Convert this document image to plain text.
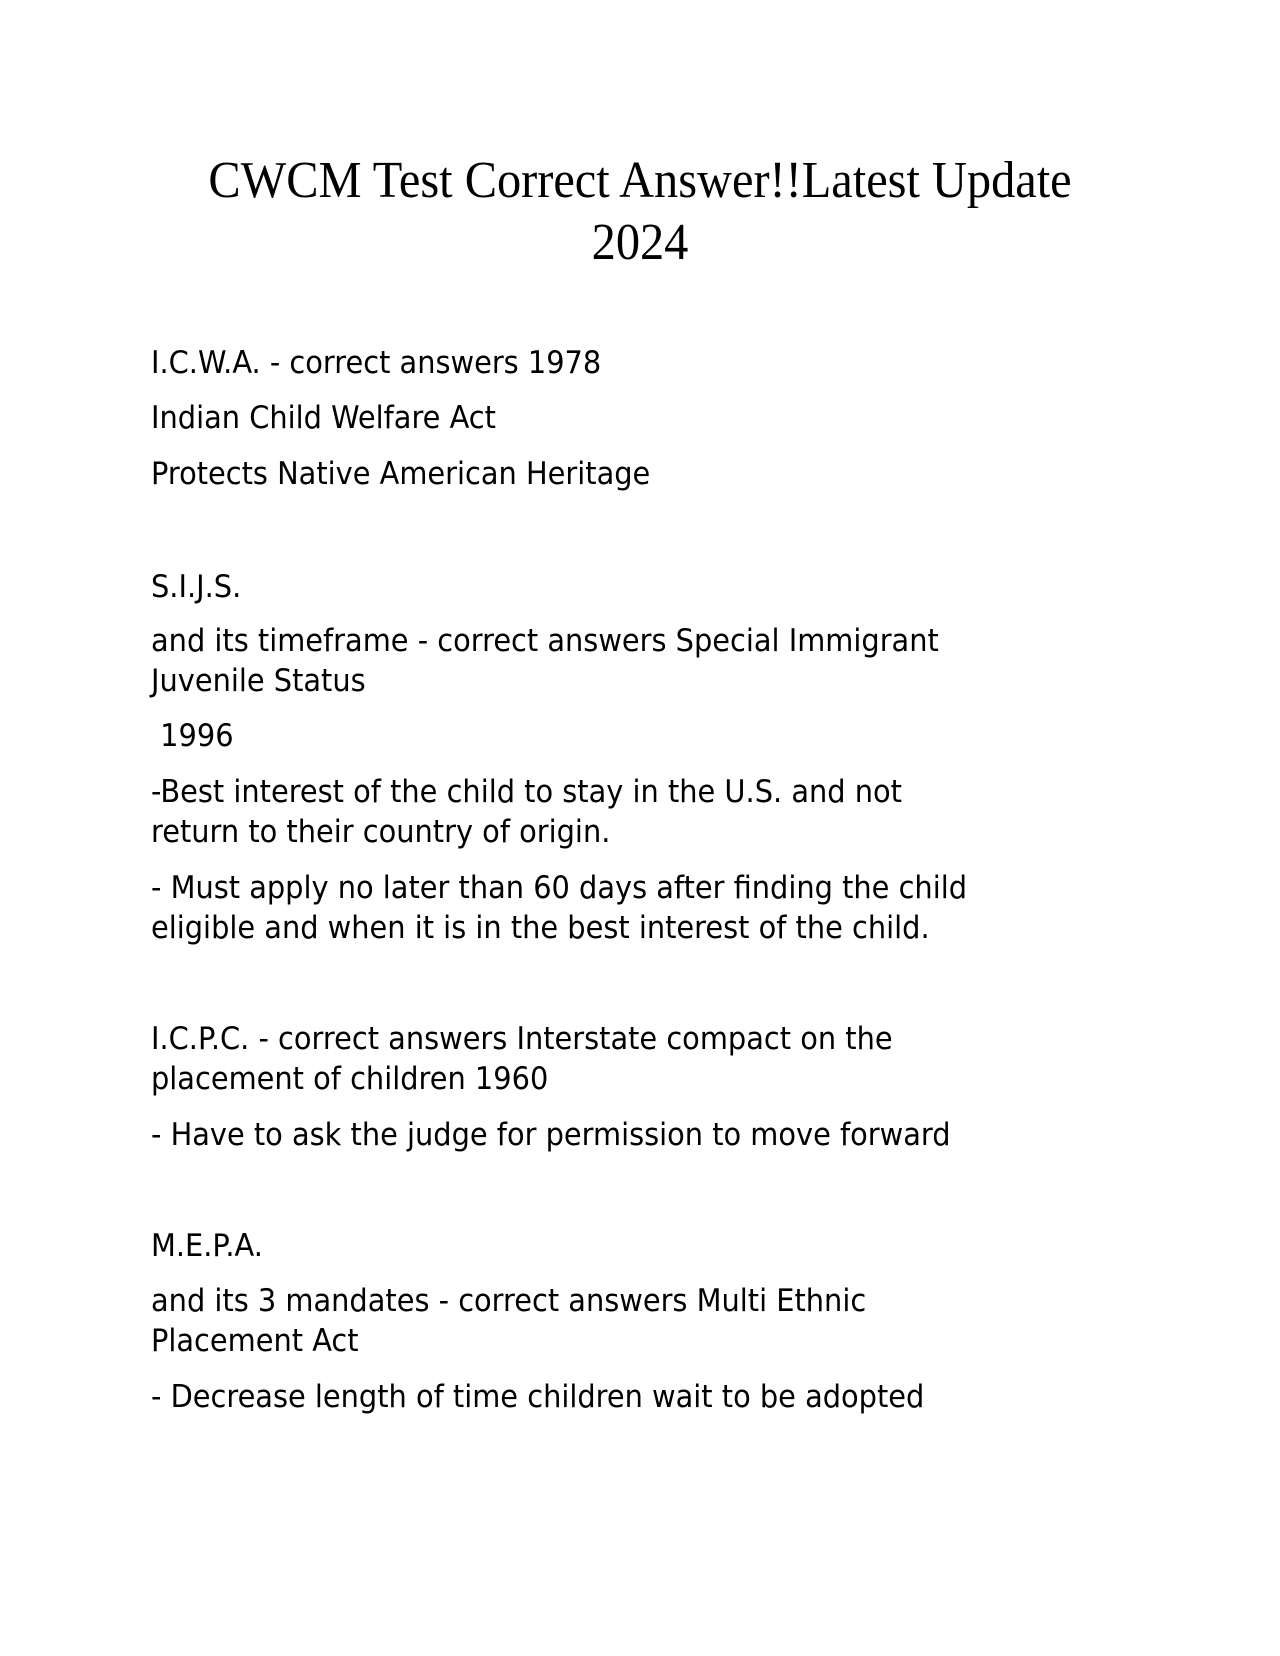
CWCM Test Correct Answer!!Latest Update
2024

I.C.W.A. - correct answers 1978

Indian Child Welfare Act

Protects Native American Heritage

S.I.J.S.

and its timeframe - correct answers Special Immigrant

Juvenile Status

1996

-Best interest of the child to stay in the U.S. and not

return to their country of origin.

- Must apply no later than 60 days after finding the child

eligible and when it is in the best interest of the child.

I.C.P.C. - correct answers Interstate compact on the

placement of children 1960

- Have to ask the judge for permission to move forward

M.E.P.A.

and its 3 mandates - correct answers Multi Ethnic

Placement Act

- Decrease length of time children wait to be adopted
